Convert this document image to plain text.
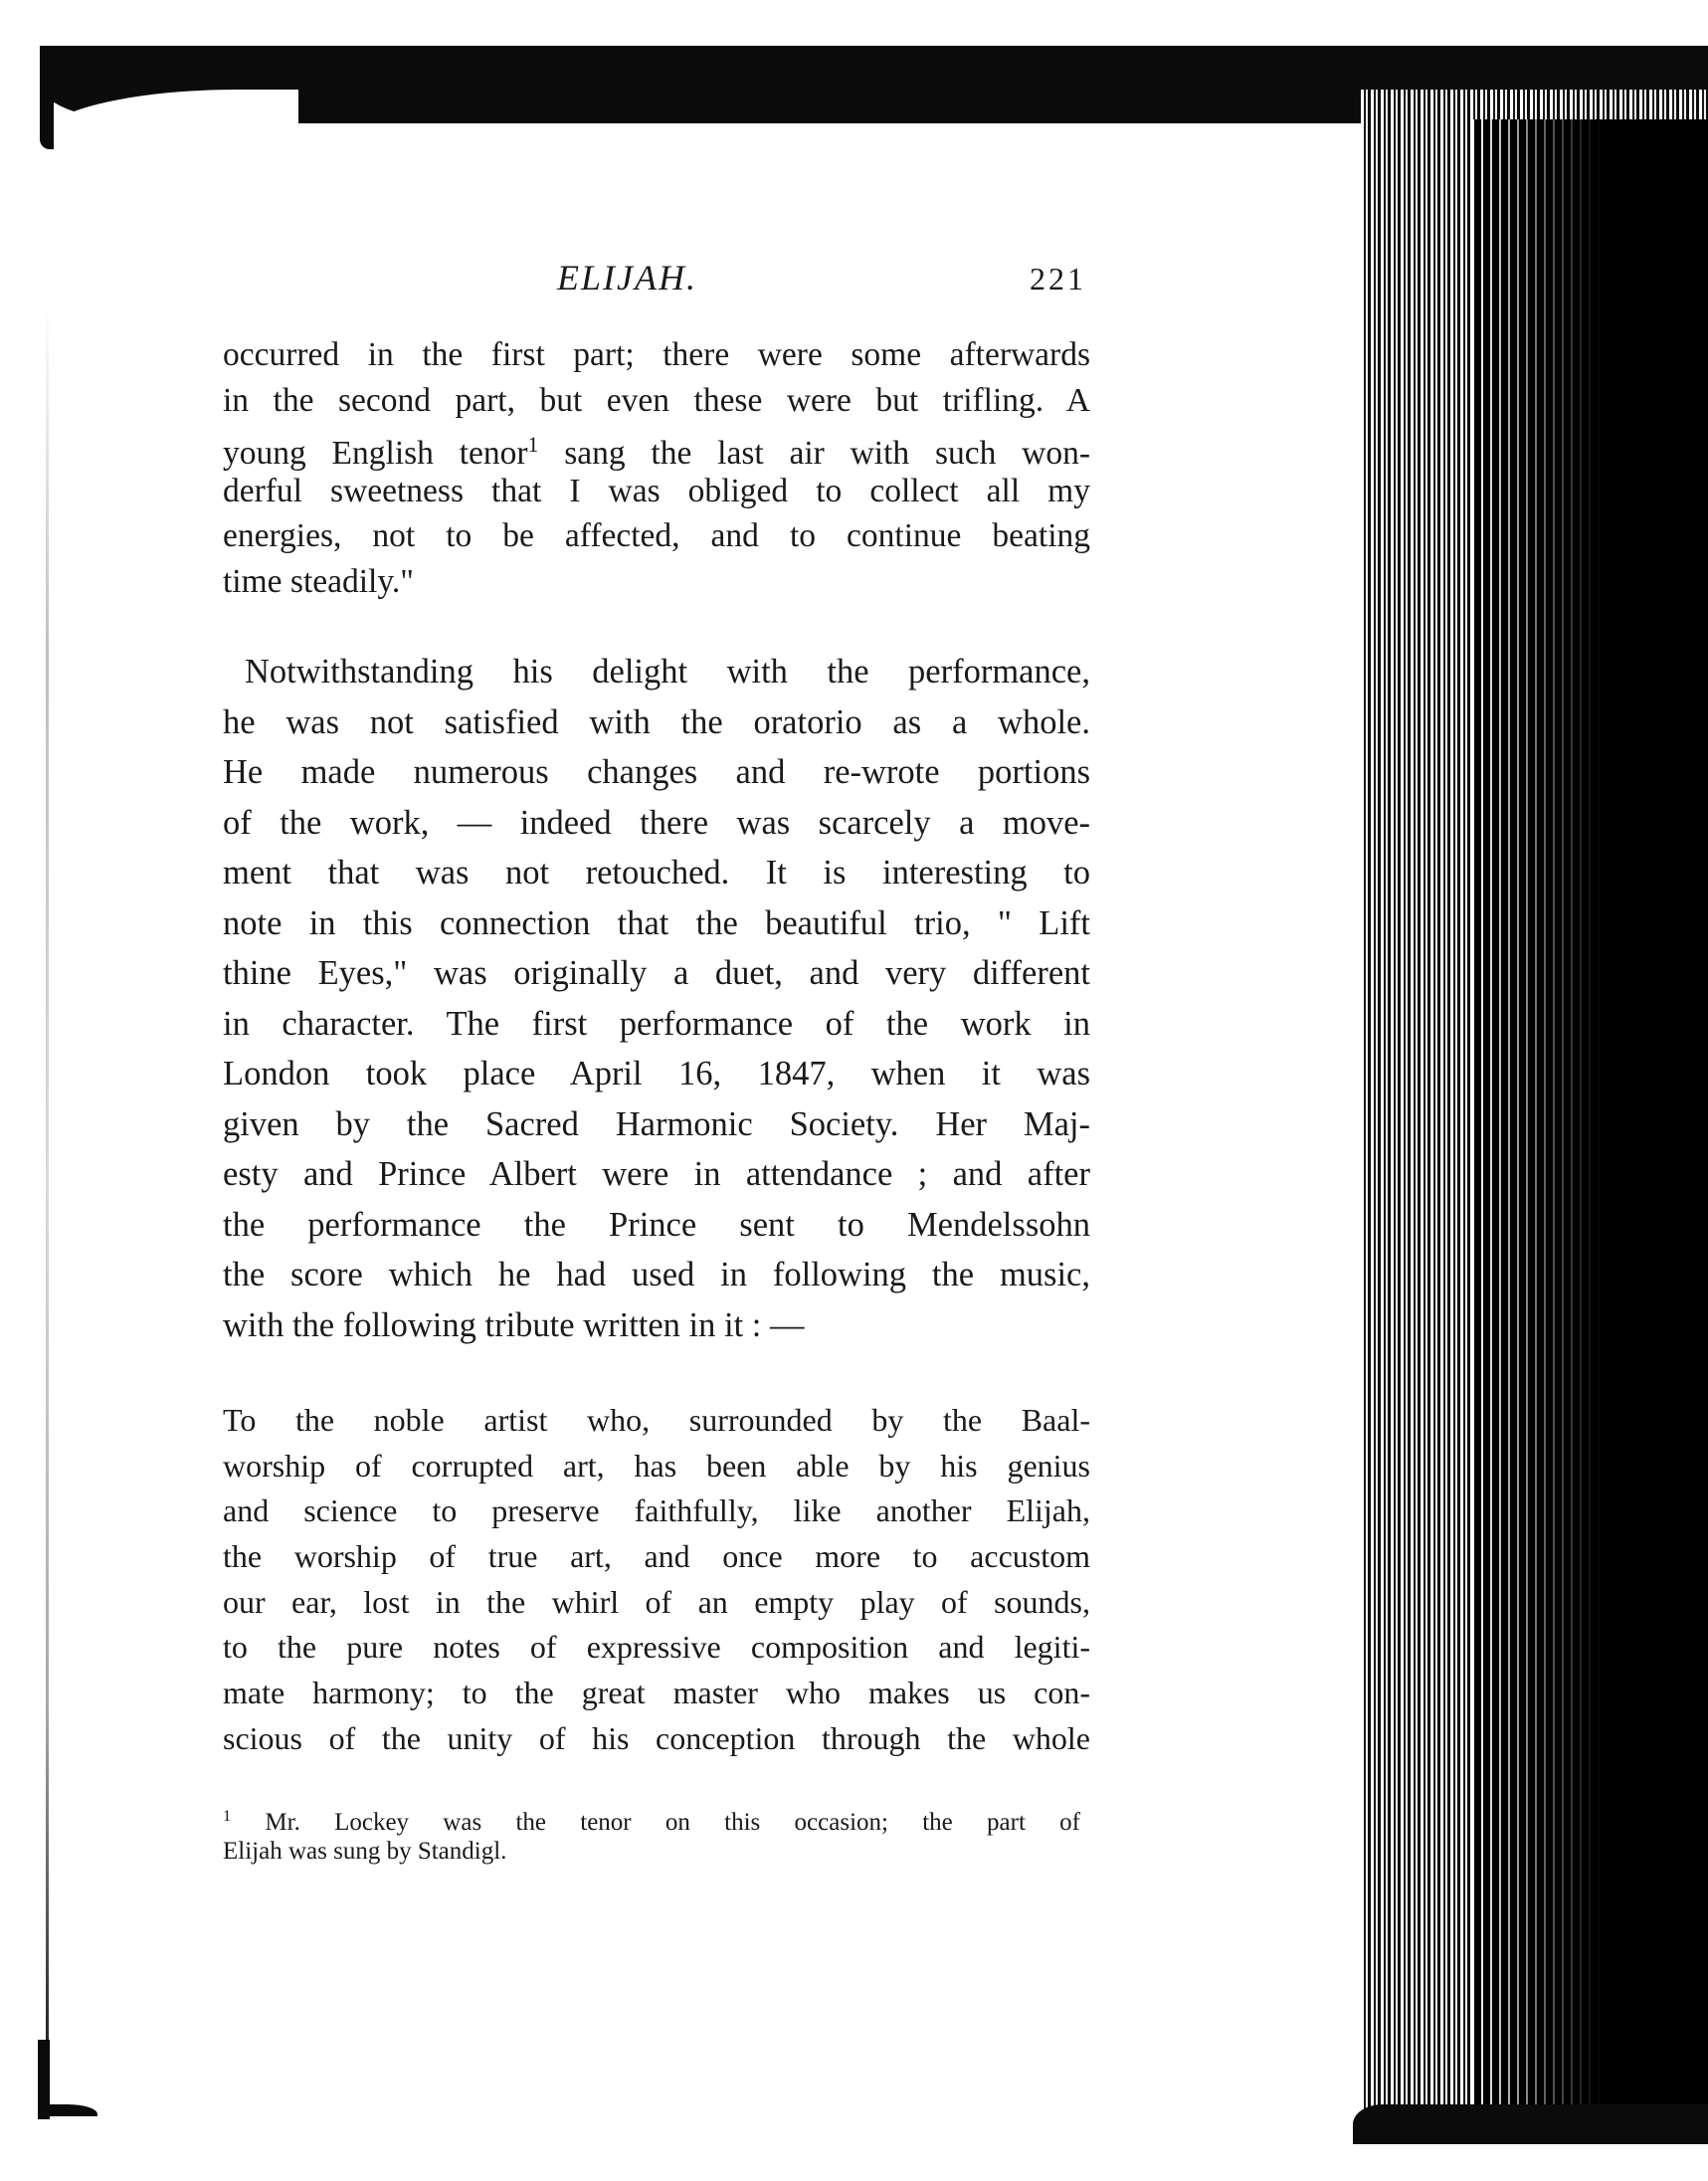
ELIJAH.	221
occurred in the first part; there were some afterwards
in the second part, but even these were but trifling. A
young English tenor$^1$ sang the last air with such won-
derful sweetness that I was obliged to collect all my
energies, not to be affected, and to continue beating
time steadily."
Notwithstanding his delight with the performance,
he was not satisfied with the oratorio as a whole.
He made numerous changes and re-wrote portions
of the work, — indeed there was scarcely a move-
ment that was not retouched. It is interesting to
note in this connection that the beautiful trio, " Lift
thine Eyes," was originally a duet, and very different
in character. The first performance of the work in
London took place April 16, 1847, when it was
given by the Sacred Harmonic Society. Her Maj-
esty and Prince Albert were in attendance ; and after
the performance the Prince sent to Mendelssohn
the score which he had used in following the music,
with the following tribute written in it : —
To the noble artist who, surrounded by the Baal-
worship of corrupted art, has been able by his genius
and science to preserve faithfully, like another Elijah,
the worship of true art, and once more to accustom
our ear, lost in the whirl of an empty play of sounds,
to the pure notes of expressive composition and legiti-
mate harmony; to the great master who makes us con-
scious of the unity of his conception through the whole
$^1$ Mr. Lockey was the tenor on this occasion; the part of
Elijah was sung by Standigl.
